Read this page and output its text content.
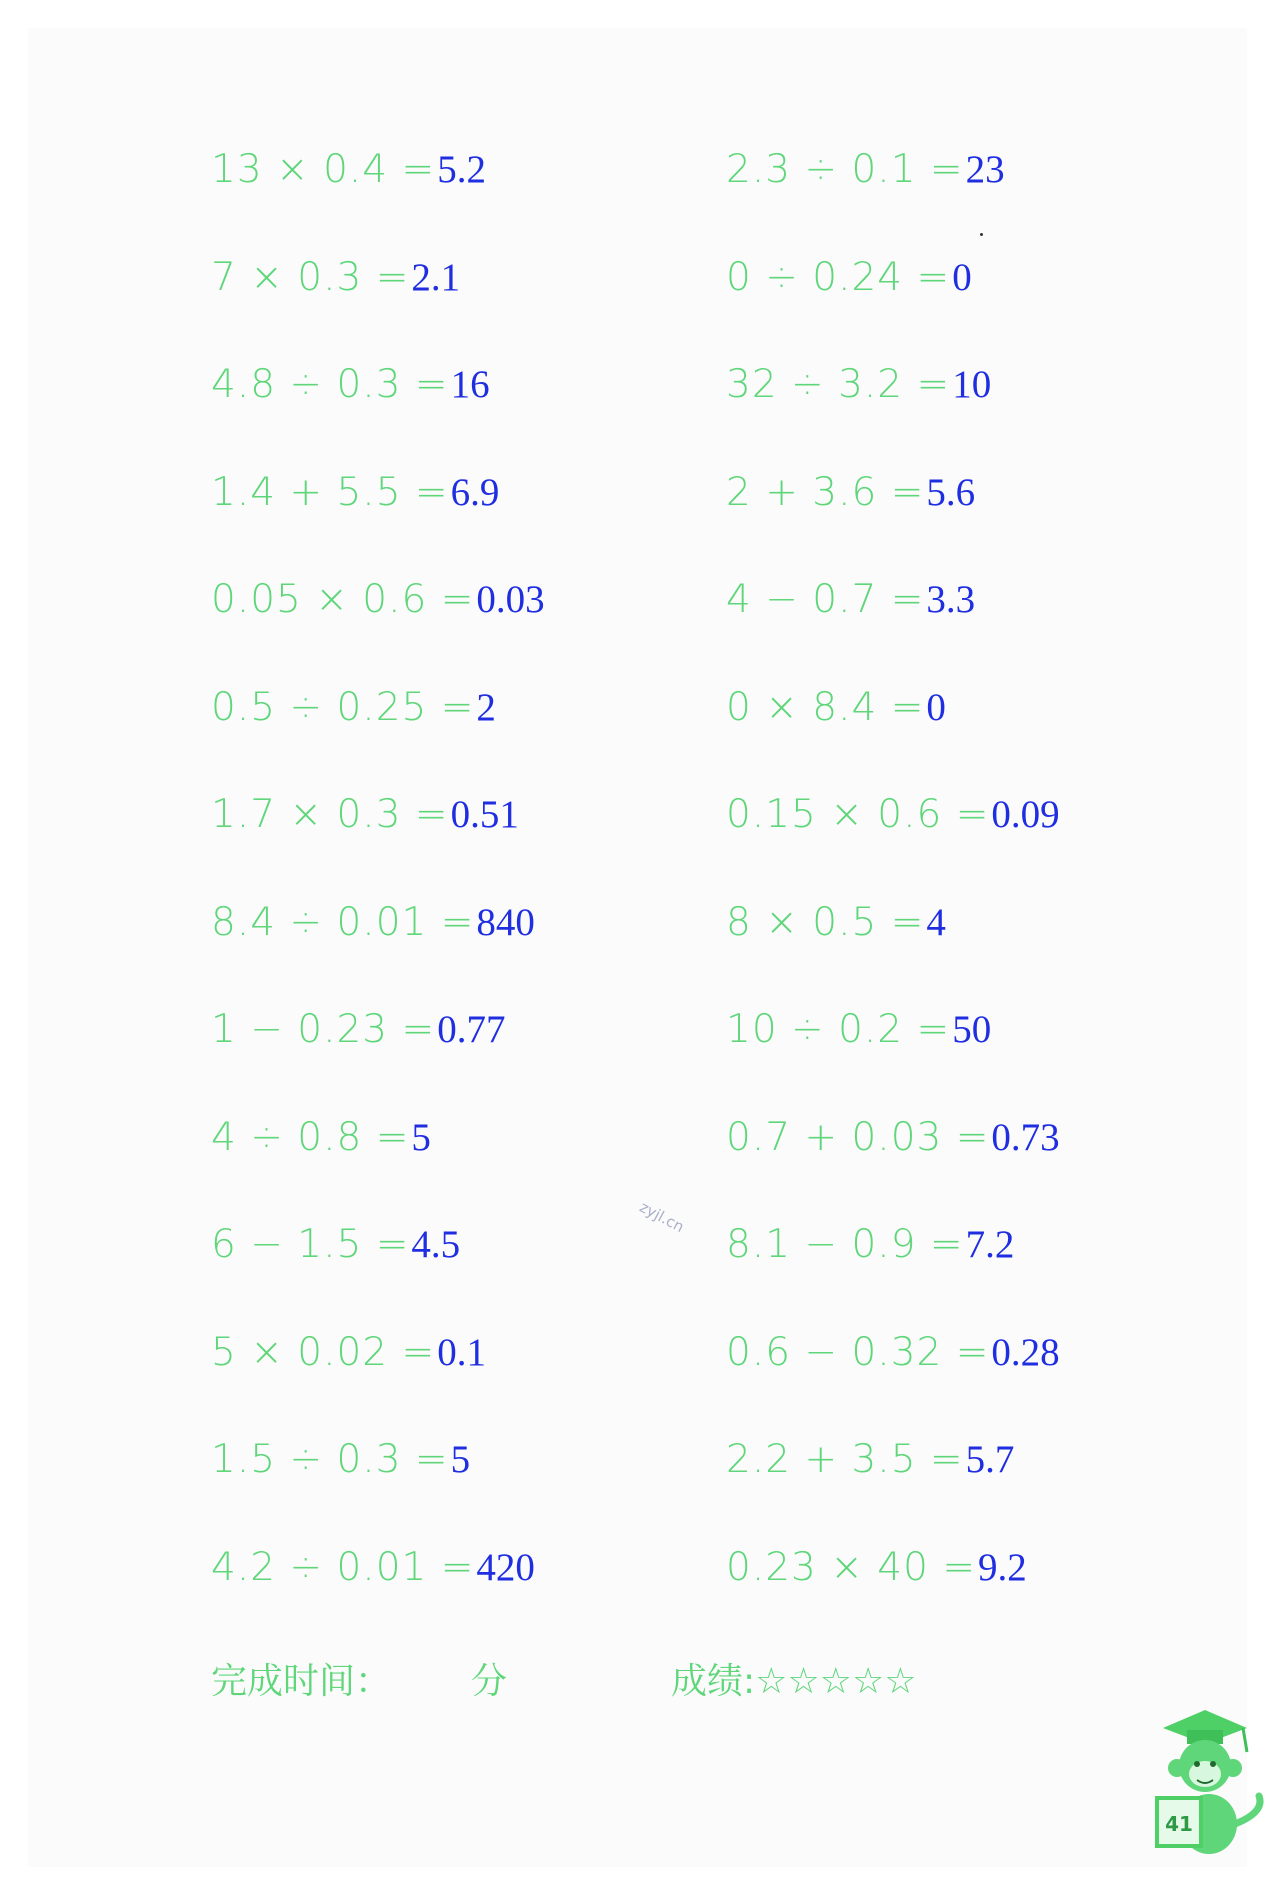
13 × 0.4 = 5.2
7 × 0.3 = 2.1
4.8 ÷ 0.3 = 16
1.4 + 5.5 = 6.9
0.05 × 0.6 = 0.03
0.5 ÷ 0.25 = 2
1.7 × 0.3 = 0.51
8.4 ÷ 0.01 = 840
1 − 0.23 = 0.77
4 ÷ 0.8 = 5
6 − 1.5 = 4.5
5 × 0.02 = 0.1
1.5 ÷ 0.3 = 5
4.2 ÷ 0.01 = 420
2.3 ÷ 0.1 = 23
0 ÷ 0.24 = 0
32 ÷ 3.2 = 10
2 + 3.6 = 5.6
4 − 0.7 = 3.3
0 × 8.4 = 0
0.15 × 0.6 = 0.09
8 × 0.5 = 4
10 ÷ 0.2 = 50
0.7 + 0.03 = 0.73
8.1 − 0.9 = 7.2
0.6 − 0.32 = 0.28
2.2 + 3.5 = 5.7
0.23 × 40 = 9.2
zyjl.cn
完成时间： 分	成绩:☆☆☆☆☆
41
